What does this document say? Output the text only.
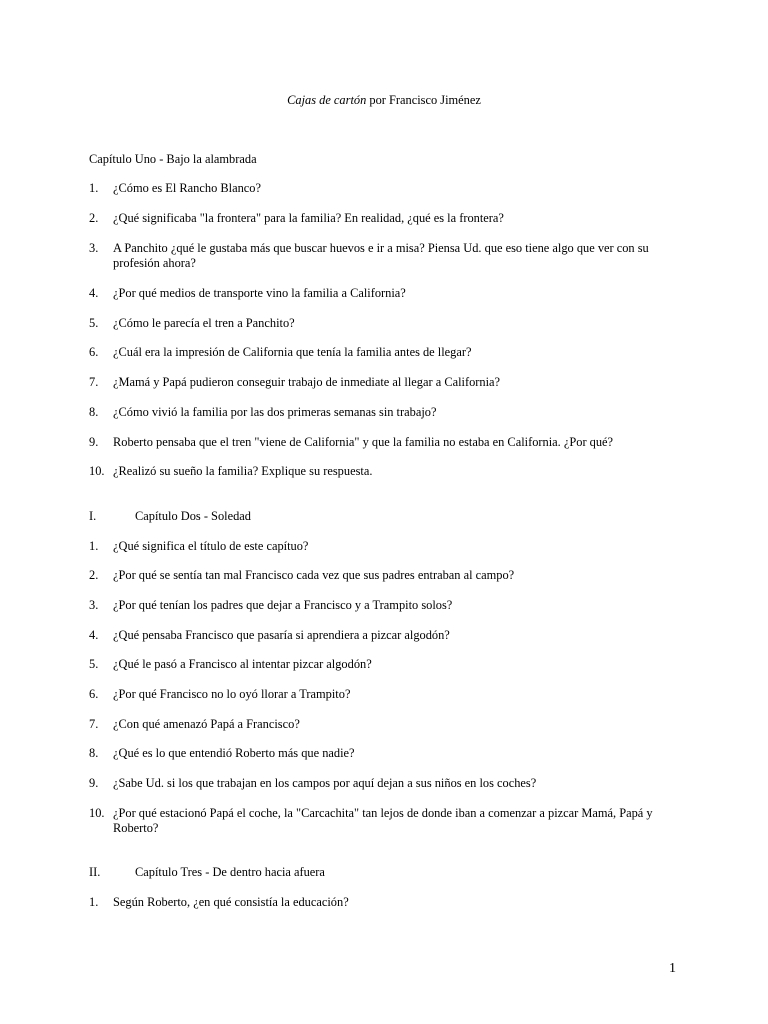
Cajas de cartón por Francisco Jiménez
Capítulo Uno - Bajo la alambrada
1.	¿Cómo es El Rancho Blanco?
2.	¿Qué significaba "la frontera" para la familia? En realidad, ¿qué es la frontera?
3.	A Panchito ¿qué le gustaba más que buscar huevos e ir a misa? Piensa Ud. que eso tiene algo que ver con su profesión ahora?
4.	¿Por qué medios de transporte vino la familia a California?
5.	¿Cómo le parecía el tren a Panchito?
6.	¿Cuál era la impresión de California que tenía la familia antes de llegar?
7.	¿Mamá y Papá pudieron conseguir trabajo de inmediate al llegar a California?
8.	¿Cómo vivió la familia por las dos primeras semanas sin trabajo?
9.	Roberto pensaba que el tren "viene de California" y que la familia no estaba en California. ¿Por qué?
10. ¿Realizó su sueño la familia? Explique su respuesta.
I.	Capítulo Dos - Soledad
1.	¿Qué significa el título de este capítuo?
2.	¿Por qué se sentía tan mal Francisco cada vez que sus padres entraban al campo?
3.	¿Por qué tenían los padres que dejar a Francisco y a Trampito solos?
4.	¿Qué pensaba Francisco que pasaría si aprendiera a pizcar algodón?
5.	¿Qué le pasó a Francisco al intentar pizcar algodón?
6.	¿Por qué Francisco no lo oyó llorar a Trampito?
7.	¿Con qué amenazó Papá a Francisco?
8.	¿Qué es lo que entendió Roberto más que nadie?
9.	¿Sabe Ud. si los que trabajan en los campos por aquí dejan a sus niños en los coches?
10. ¿Por qué estacionó Papá el coche, la "Carcachita" tan lejos de donde iban a comenzar a pizcar Mamá, Papá y Roberto?
II.	Capítulo Tres - De dentro hacia afuera
1.	Según Roberto, ¿en qué consistía la educación?
1
